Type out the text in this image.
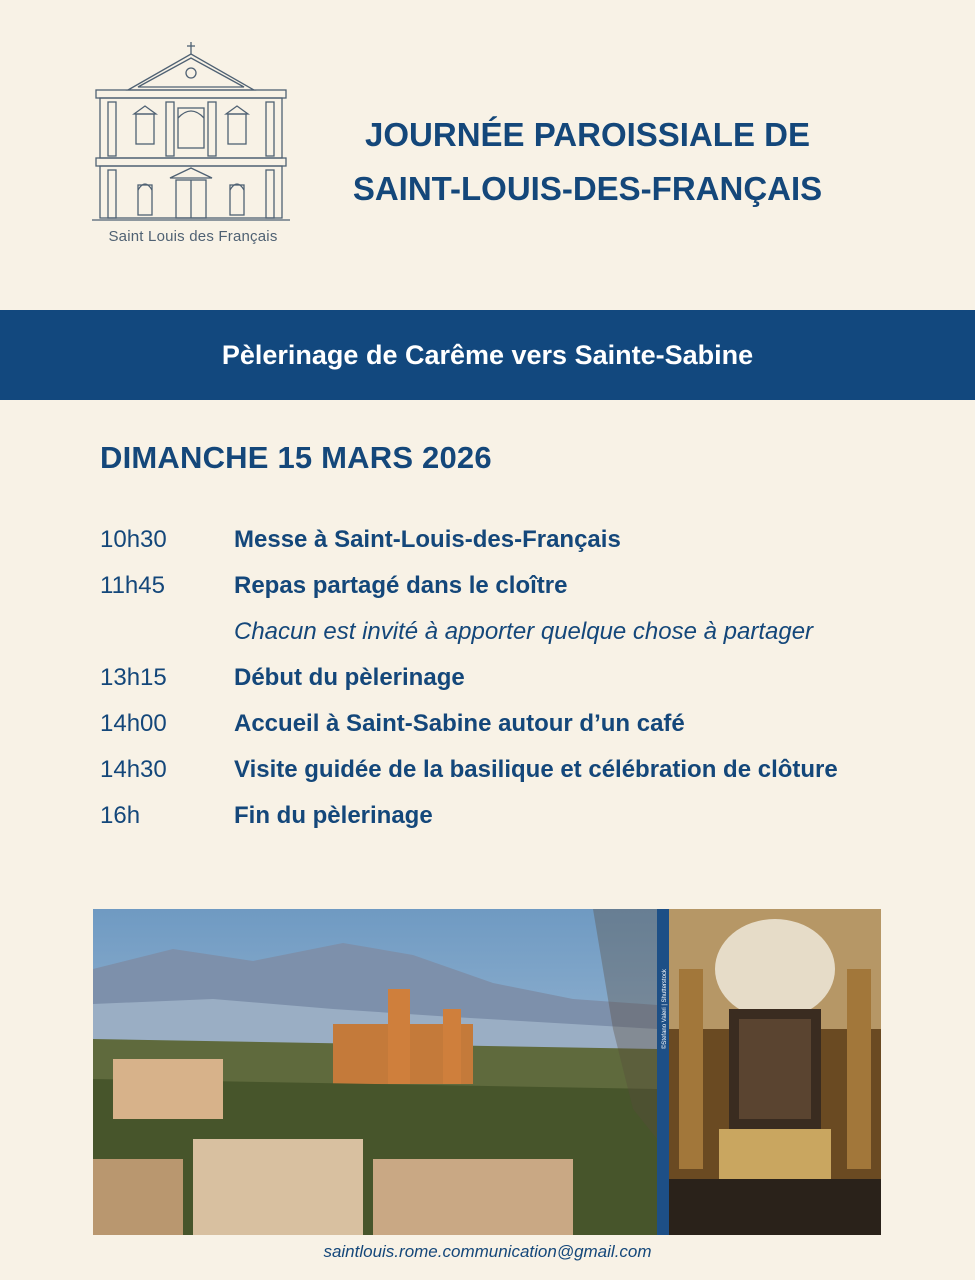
Saint Louis des Français
JOURNÉE PAROISSIALE DE
SAINT-LOUIS-DES-FRANÇAIS
Pèlerinage de Carême vers Sainte-Sabine
DIMANCHE 15 MARS 2026
10h30	Messe à Saint-Louis-des-Français
11h45	Repas partagé dans le cloître
Chacun est invité à apporter quelque chose à partager
13h15	Début du pèlerinage
14h00	Accueil à Saint-Sabine autour d’un café
14h30	Visite guidée de la basilique et célébration de clôture
16h	Fin du pèlerinage
©Stefano Valeri | Shutterstock
saintlouis.rome.communication@gmail.com
